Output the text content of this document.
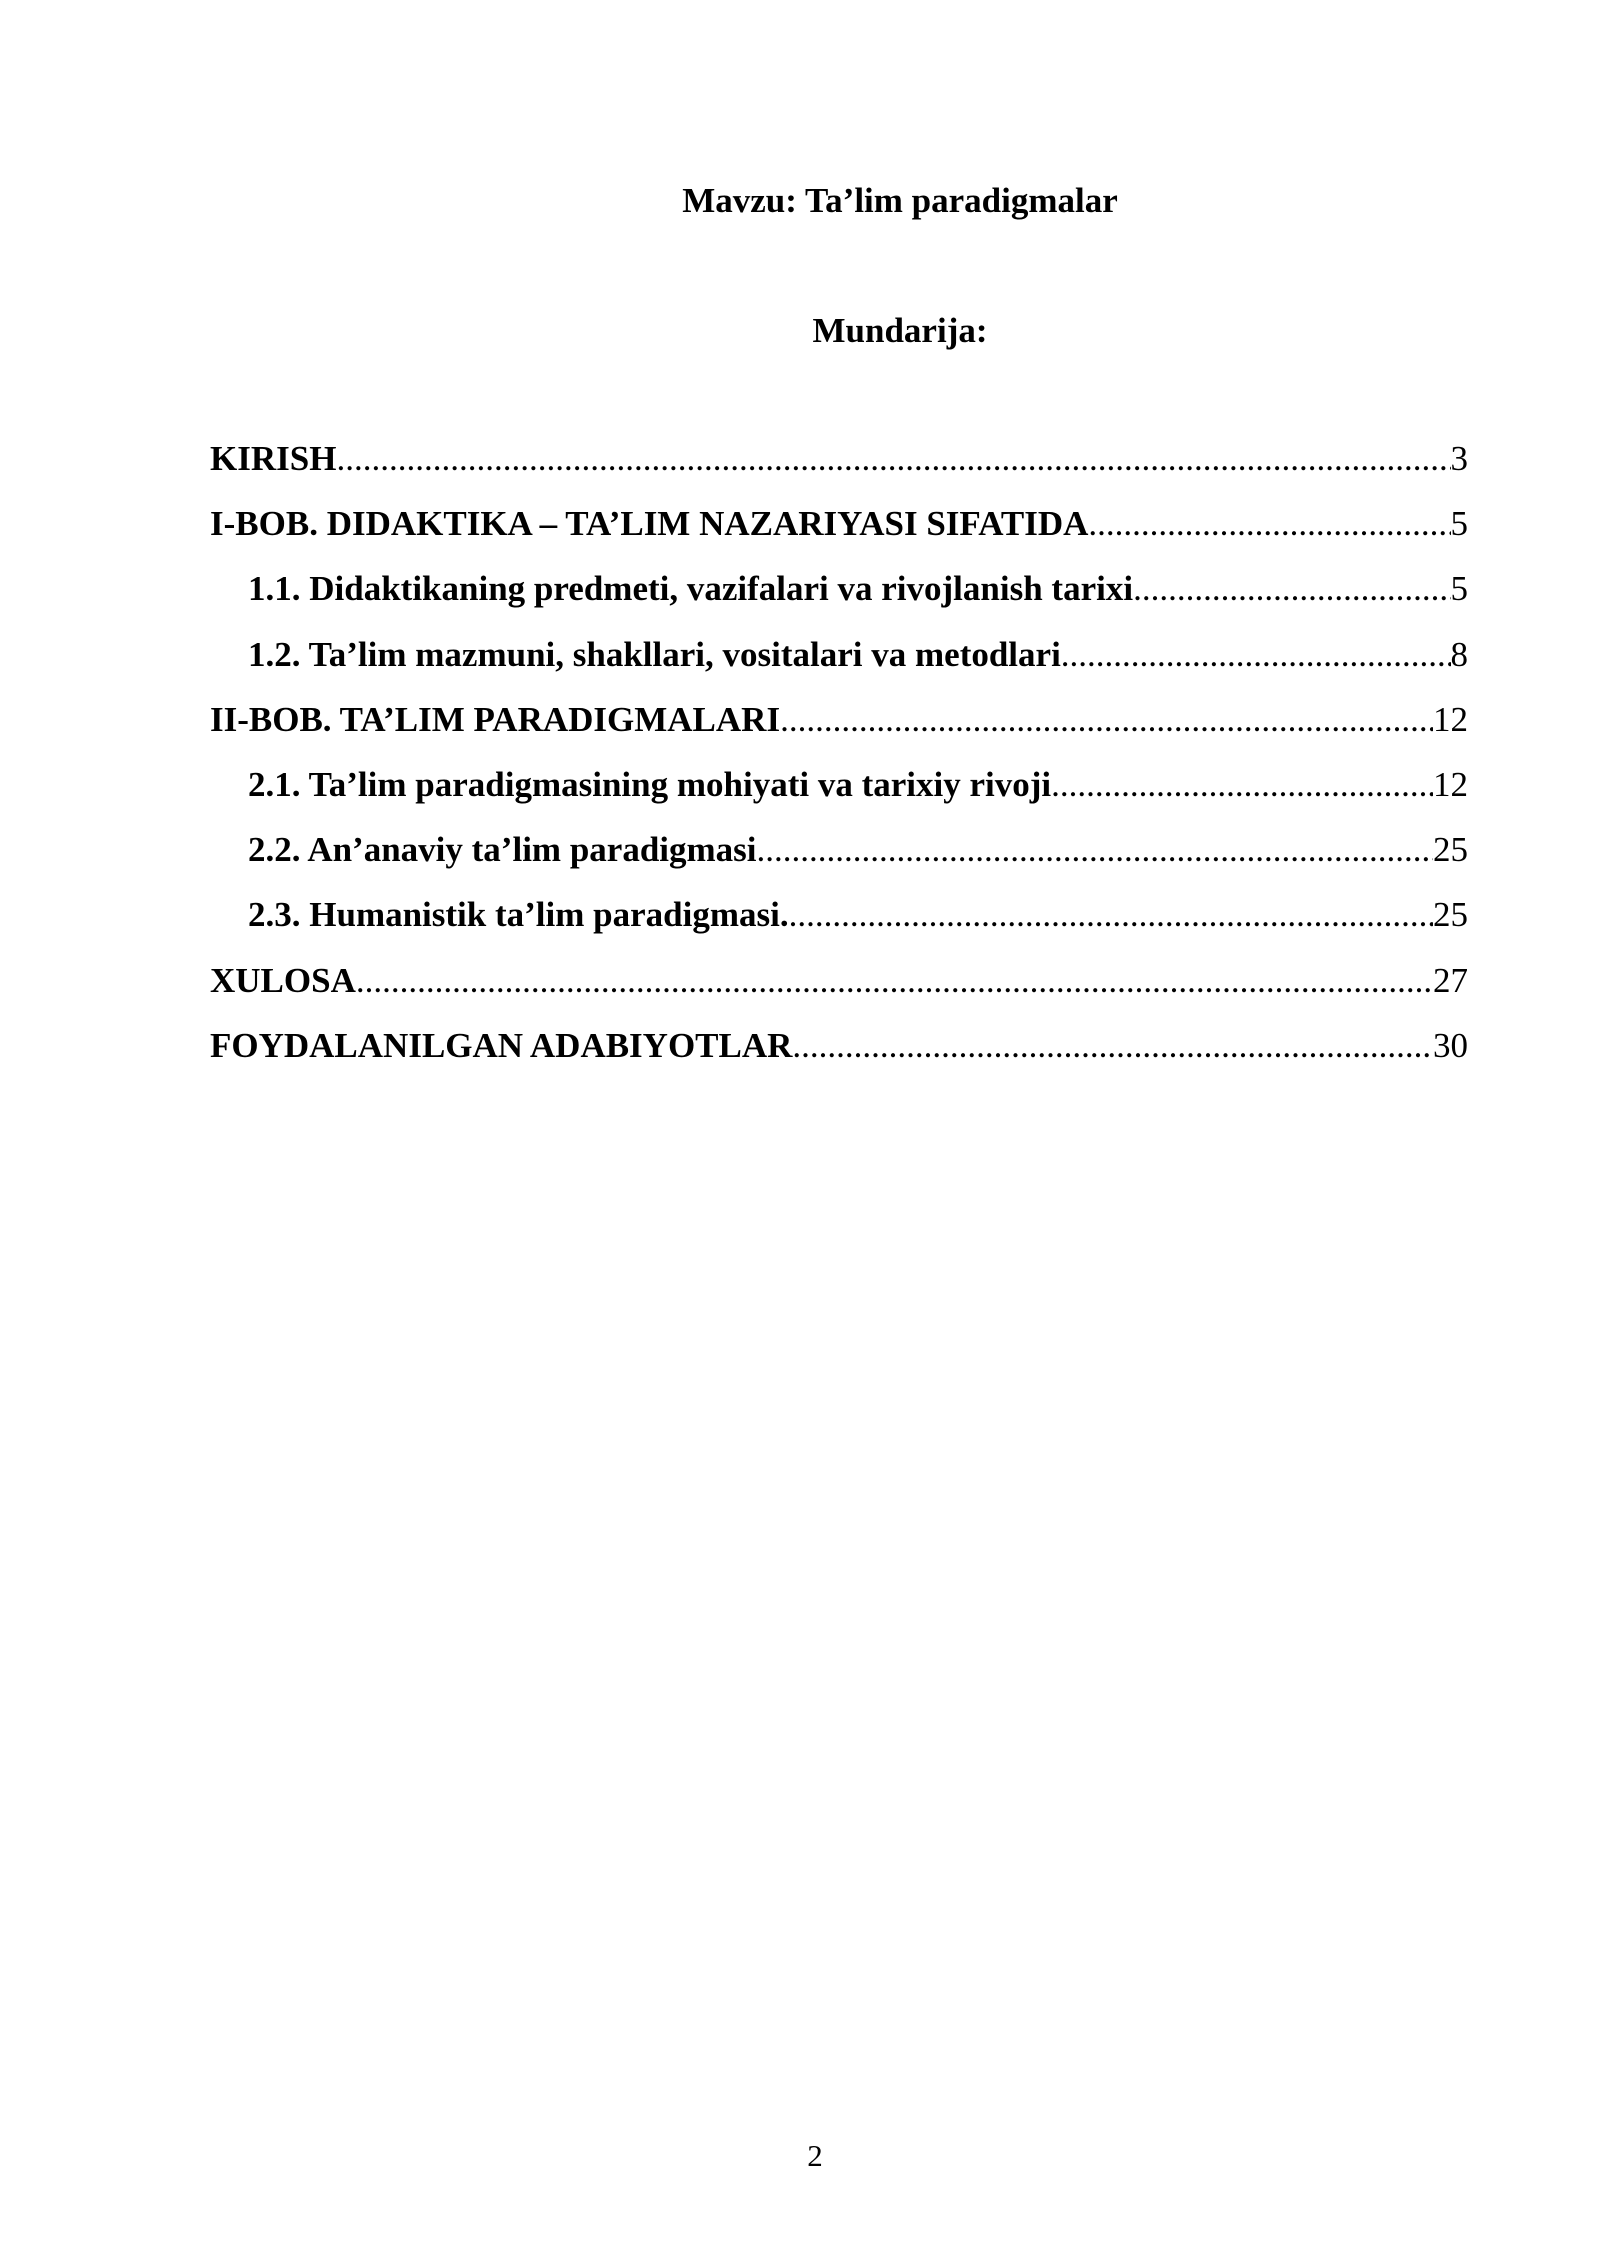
Mavzu: Ta’lim paradigmalar
Mundarija:
KIRISH .....	3
I-BOB. DIDAKTIKA – TA’LIM NAZARIYASI SIFATIDA .....	5
1.1. Didaktikaning predmeti, vazifalari va rivojlanish tarixi .....	5
1.2. Ta’lim mazmuni, shakllari, vositalari va metodlari .....	8
II-BOB. TA’LIM PARADIGMALARI .....	12
2.1. Ta’lim paradigmasining mohiyati va tarixiy rivoji .....	12
2.2. An’anaviy ta’lim paradigmasi .....	25
2.3. Humanistik ta’lim paradigmasi. .....	25
XULOSA .....	27
FOYDALANILGAN ADABIYOTLAR .....	30
2
